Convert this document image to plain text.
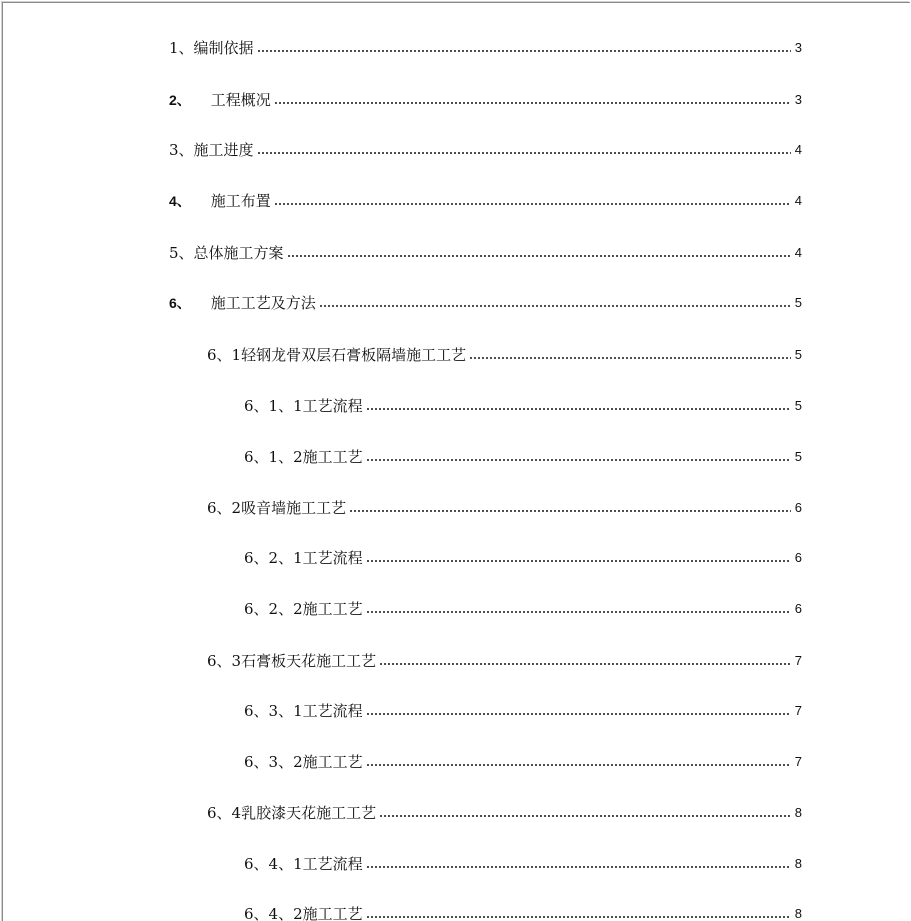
1、 编制依据	3
2、 工程概况	3
3、 施工进度	4
4、 施工布置	4
5、 总体施工方案	4
6、 施工工艺及方法	5
6、1 轻钢龙骨双层石膏板隔墙施工工艺	5
6、1、1 工艺流程	5
6、1、2 施工工艺	5
6、2 吸音墙施工工艺	6
6、2、1 工艺流程	6
6、2、2 施工工艺	6
6、3 石膏板天花施工工艺	7
6、3、1 工艺流程	7
6、3、2 施工工艺	7
6、4 乳胶漆天花施工工艺	8
6、4、1 工艺流程	8
6、4、2 施工工艺	8
